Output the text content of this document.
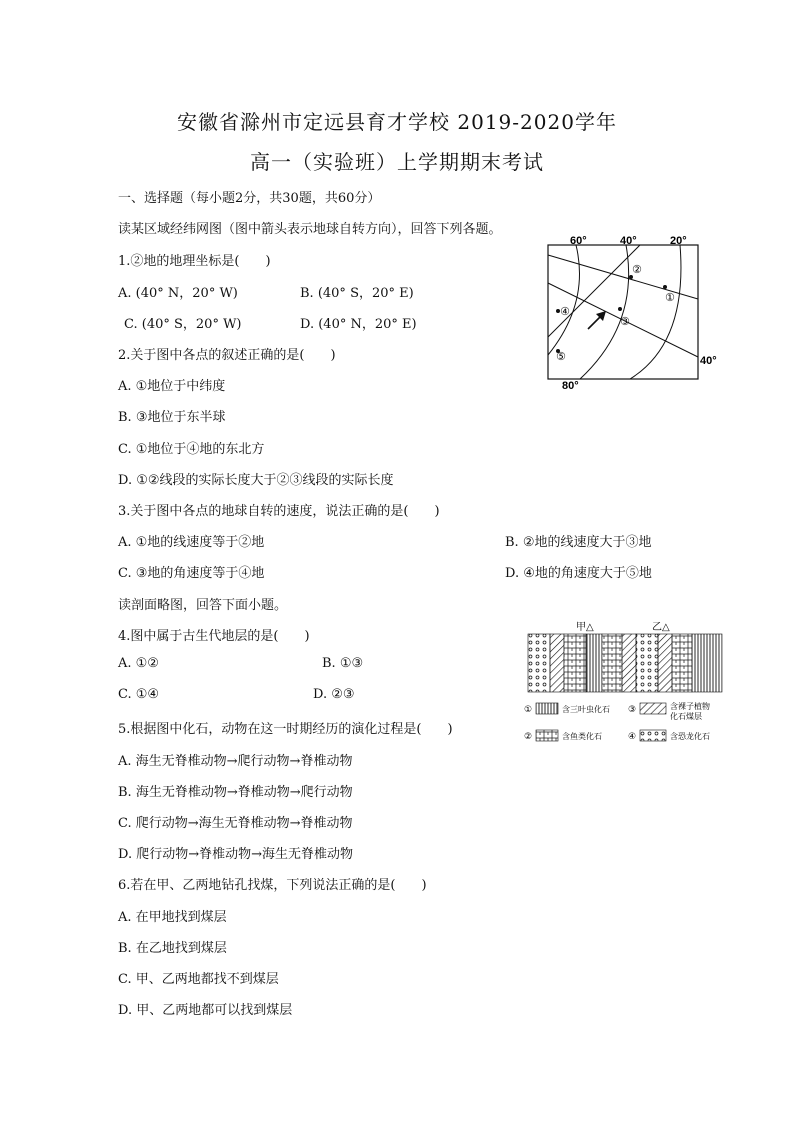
安徽省滁州市定远县育才学校 2019-2020学年
高一（实验班）上学期期末考试
一、选择题（每小题2分，共30题，共60分）
读某区域经纬网图（图中箭头表示地球自转方向），回答下列各题。
1.②地的地理坐标是(　　)
A. (40° N，20° W)	B. (40° S，20° E)
C. (40° S，20° W)	D. (40° N，20° E)
2.关于图中各点的叙述正确的是(　　)
A. ①地位于中纬度
B. ③地位于东半球
C. ①地位于④地的东北方
D. ①②线段的实际长度大于②③线段的实际长度
3.关于图中各点的地球自转的速度，说法正确的是(　　)
A. ①地的线速度等于②地	B. ②地的线速度大于③地
C. ③地的角速度等于④地	D. ④地的角速度大于⑤地
读剖面略图，回答下面小题。
4.图中属于古生代地层的是(　　)
A. ①②	B. ①③
C. ①④	D. ②③
5.根据图中化石，动物在这一时期经历的演化过程是(　　)
A. 海生无脊椎动物→爬行动物→脊椎动物
B. 海生无脊椎动物→脊椎动物→爬行动物
C. 爬行动物→海生无脊椎动物→脊椎动物
D. 爬行动物→脊椎动物→海生无脊椎动物
6.若在甲、乙两地钻孔找煤，下列说法正确的是(　　)
A. 在甲地找到煤层
B. 在乙地找到煤层
C. 甲、乙两地都找不到煤层
D. 甲、乙两地都可以找到煤层
①
②
③
④
⑤
60°	40°	20°
40°
80°
甲△	乙△
①	含三叶虫化石 ③	含裸子植物
化石煤层
②	含鱼类化石	④	含恐龙化石
